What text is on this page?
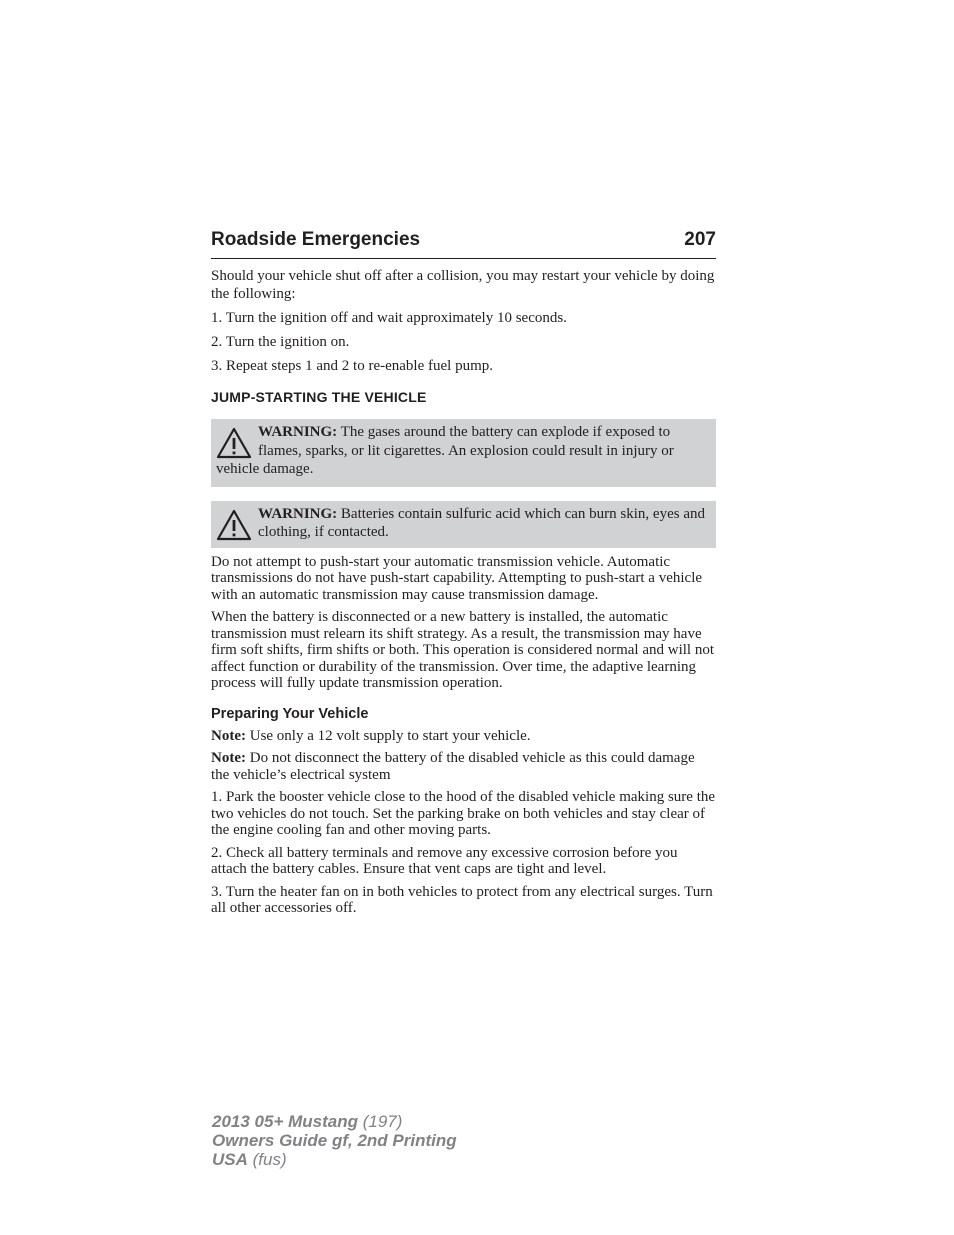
Roadside Emergencies	207

Should your vehicle shut off after a collision, you may restart your vehicle by doing the following:

1. Turn the ignition off and wait approximately 10 seconds.

2. Turn the ignition on.

3. Repeat steps 1 and 2 to re-enable fuel pump.

JUMP-STARTING THE VEHICLE

WARNING: The gases around the battery can explode if exposed to flames, sparks, or lit cigarettes. An explosion could result in injury or vehicle damage.

WARNING: Batteries contain sulfuric acid which can burn skin, eyes and clothing, if contacted.

Do not attempt to push-start your automatic transmission vehicle. Automatic transmissions do not have push-start capability. Attempting to push-start a vehicle with an automatic transmission may cause transmission damage.

When the battery is disconnected or a new battery is installed, the automatic transmission must relearn its shift strategy. As a result, the transmission may have firm soft shifts, firm shifts or both. This operation is considered normal and will not affect function or durability of the transmission. Over time, the adaptive learning process will fully update transmission operation.

Preparing Your Vehicle

Note: Use only a 12 volt supply to start your vehicle.

Note: Do not disconnect the battery of the disabled vehicle as this could damage the vehicle’s electrical system

1. Park the booster vehicle close to the hood of the disabled vehicle making sure the two vehicles do not touch. Set the parking brake on both vehicles and stay clear of the engine cooling fan and other moving parts.

2. Check all battery terminals and remove any excessive corrosion before you attach the battery cables. Ensure that vent caps are tight and level.

3. Turn the heater fan on in both vehicles to protect from any electrical surges. Turn all other accessories off.

2013 05+ Mustang (197)
Owners Guide gf, 2nd Printing
USA (fus)
